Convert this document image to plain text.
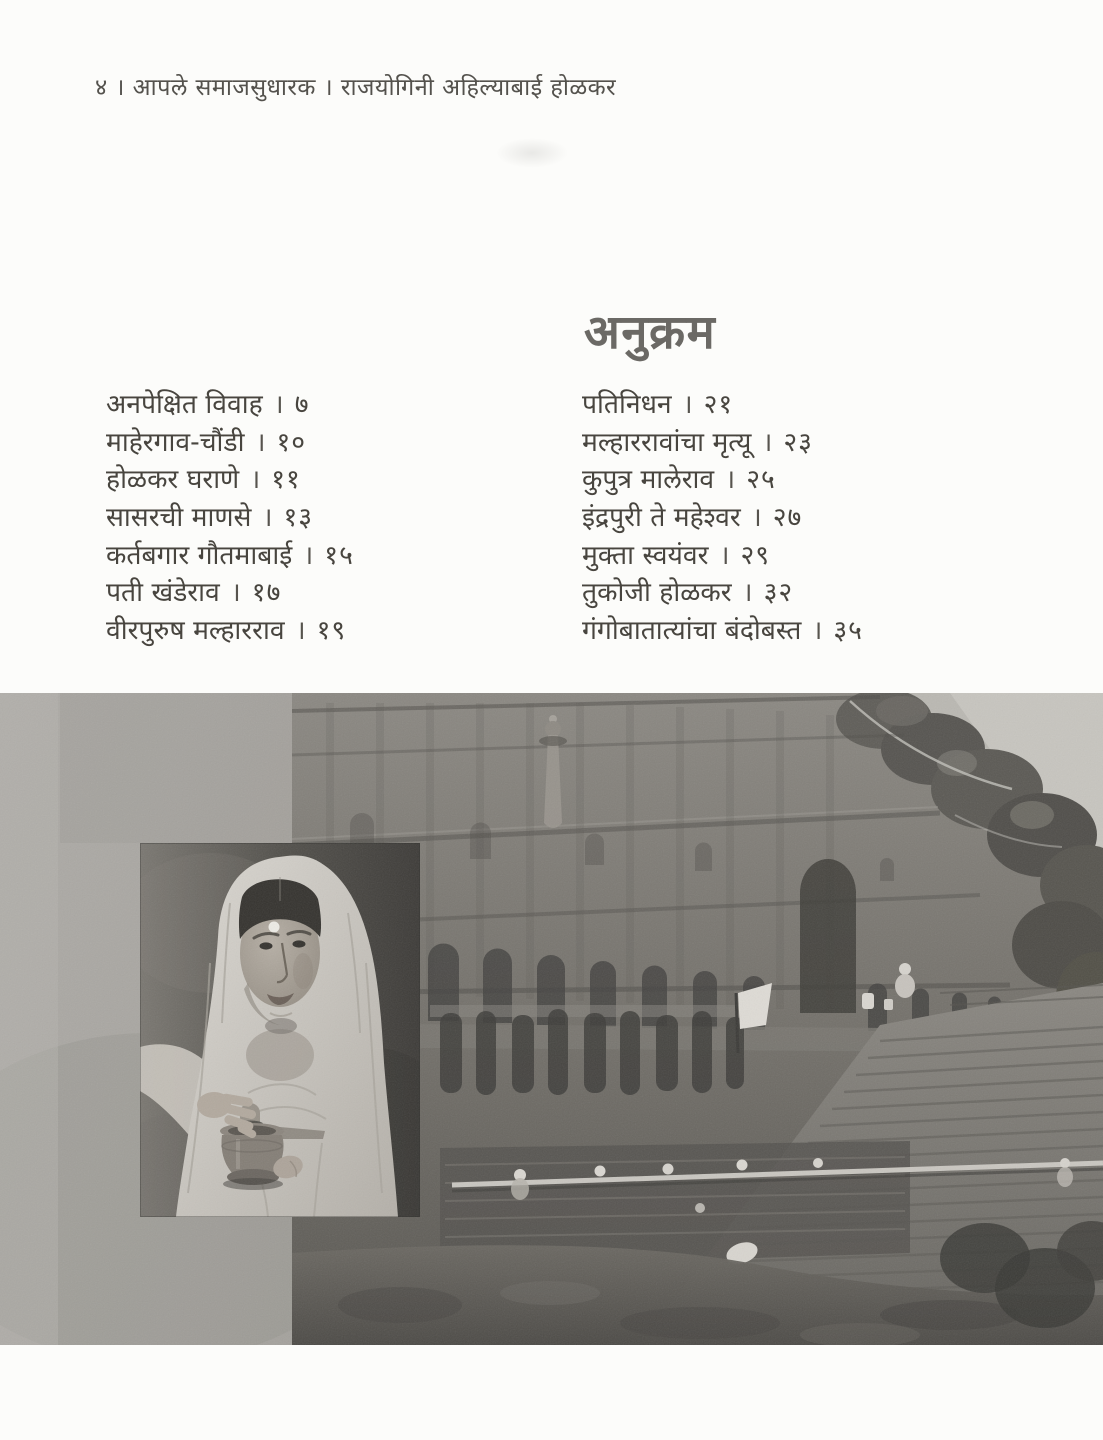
४ । आपले समाजसुधारक । राजयोगिनी अहिल्याबाई होळकर
अनुक्रम
अनपेक्षित विवाह । ७
माहेरगाव-चौंडी । १०
होळकर घराणे । ११
सासरची माणसे । १३
कर्तबगार गौतमाबाई । १५
पती खंडेराव । १७
वीरपुरुष मल्हारराव । १९
पतिनिधन । २१
मल्हाररावांचा मृत्यू । २३
कुपुत्र मालेराव । २५
इंद्रपुरी ते महेश्वर । २७
मुक्ता स्वयंवर । २९
तुकोजी होळकर । ३२
गंगोबातात्यांचा बंदोबस्त । ३५
